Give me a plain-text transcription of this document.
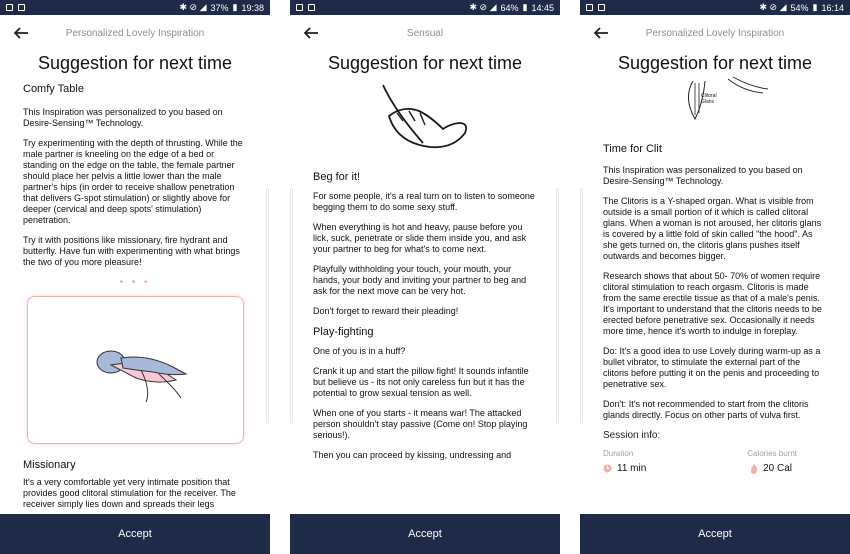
✱ ⊘ ◢ 37% ▮ 19:38
Personalized Lovely Inspiration
Suggestion for next time
Comfy Table

This Inspiration was personalized to you based on Desire-Sensing™ Technology.

Try experimenting with the depth of thrusting. While the male partner is kneeling on the edge of a bed or standing on the edge on the table, the female partner should place her pelvis a little lower than the male partner's hips (in order to receive shallow penetration that delivers G-spot stimulation) or slightly above for deeper (cervical and deep spots' stimulation) penetration.

Try it with positions like missionary, fire hydrant and butterfly. Have fun with experimenting with what brings the two of you more pleasure!

• • •
Missionary

It's a very comfortable yet very intimate position that provides good clitoral stimulation for the receiver. The receiver simply lies down and spreads their legs

Accept
✱ ⊘ ◢ 64% ▮ 14:45
Sensual
Suggestion for next time
Beg for it!

For some people, it's a real turn on to listen to someone begging them to do some sexy stuff.

When everything is hot and heavy, pause before you lick, suck, penetrate or slide them inside you, and ask your partner to beg for what's to come next.

Playfully withholding your touch, your mouth, your hands, your body and inviting your partner to beg and ask for the next move can be very hot.

Don't forget to reward their pleading!

Play-fighting

One of you is in a huff?

Crank it up and start the pillow fight! It sounds infantile but believe us - its not only careless fun but it has the potential to grow sexual tension as well.

When one of you starts - it means war! The attacked person shouldn't stay passive (Come on! Stop playing serious!).

Then you can proceed by kissing, undressing and

Accept
✱ ⊘ ◢ 54% ▮ 16:14
Personalized Lovely Inspiration
Suggestion for next time
Clitoral Glans
Time for Clit

This Inspiration was personalized to you based on Desire-Sensing™ Technology.

The Clitoris is a Y-shaped organ. What is visible from outside is a small portion of it which is called clitoral glans. When a woman is not aroused, her clitoris glans is covered by a little fold of skin called "the hood". As she gets turned on, the clitoris glans pushes itself outwards and becomes bigger.

Research shows that about 50- 70% of women require clitoral stimulation to reach orgasm. Clitoris is made from the same erectile tissue as that of a male's penis. It's important to understand that the clitoris needs to be erected before penetrative sex. Occasionally it needs more time, hence it's worth to indulge in foreplay.

Do: It's a good idea to use Lovely during warm-up as a bullet vibrator, to stimulate the external part of the clitoris before putting it on the penis and proceeding to penetrative sex.

Don't: It's not recommended to start from the clitoris glands directly. Focus on other parts of vulva first.

Session info:
Duration	Calories burnt
11 min	20 Cal
Accept
